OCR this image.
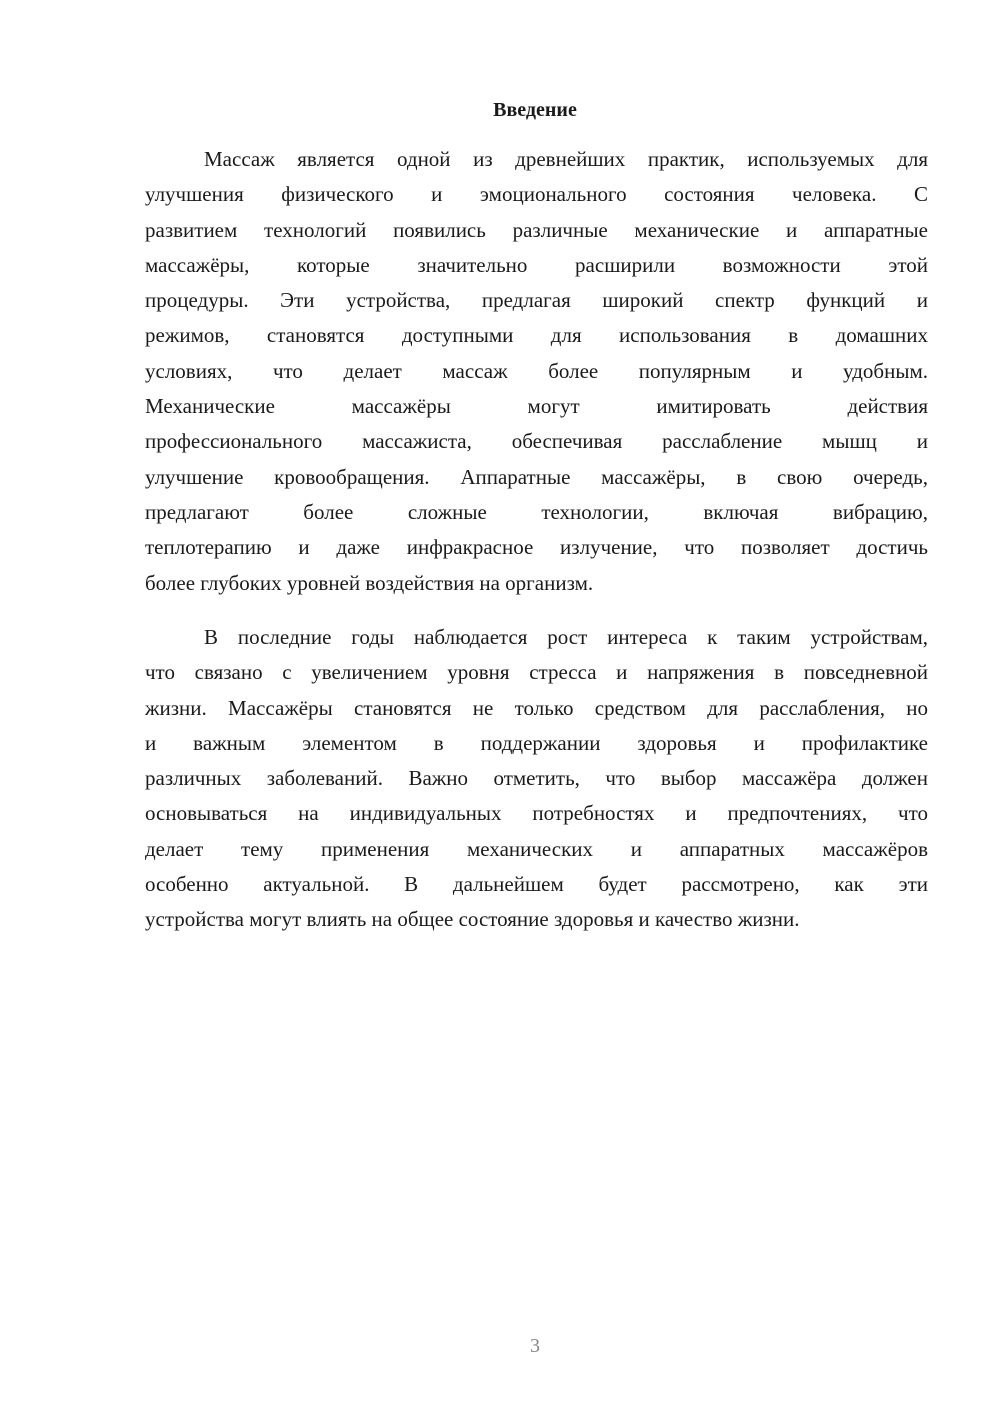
Введение
Массаж является одной из древнейших практик, используемых для
улучшения физического и эмоционального состояния человека. С
развитием технологий появились различные механические и аппаратные
массажёры, которые значительно расширили возможности этой
процедуры. Эти устройства, предлагая широкий спектр функций и
режимов, становятся доступными для использования в домашних
условиях, что делает массаж более популярным и удобным.
Механические массажёры могут имитировать действия
профессионального массажиста, обеспечивая расслабление мышц и
улучшение кровообращения. Аппаратные массажёры, в свою очередь,
предлагают более сложные технологии, включая вибрацию,
теплотерапию и даже инфракрасное излучение, что позволяет достичь
более глубоких уровней воздействия на организм.
В последние годы наблюдается рост интереса к таким устройствам,
что связано с увеличением уровня стресса и напряжения в повседневной
жизни. Массажёры становятся не только средством для расслабления, но
и важным элементом в поддержании здоровья и профилактике
различных заболеваний. Важно отметить, что выбор массажёра должен
основываться на индивидуальных потребностях и предпочтениях, что
делает тему применения механических и аппаратных массажёров
особенно актуальной. В дальнейшем будет рассмотрено, как эти
устройства могут влиять на общее состояние здоровья и качество жизни.
3
